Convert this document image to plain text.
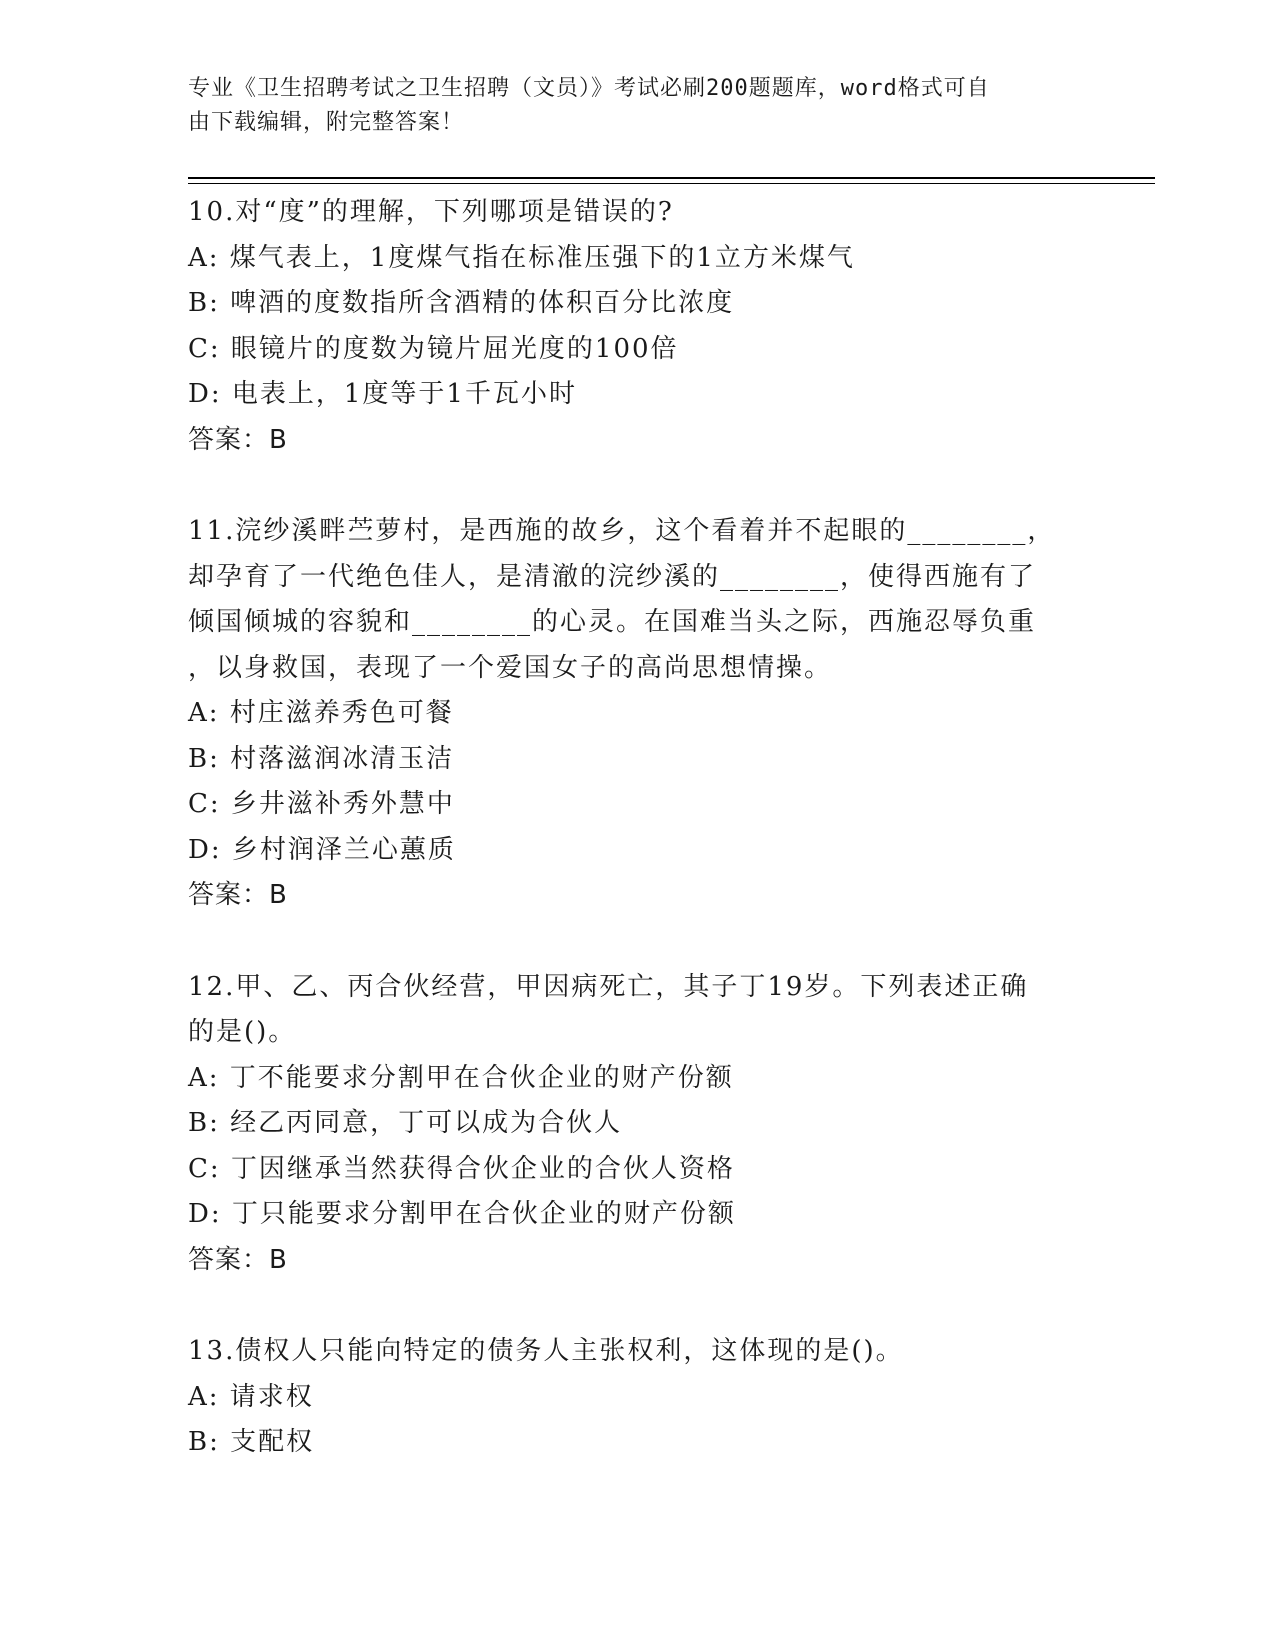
专业《卫生招聘考试之卫生招聘（文员）》考试必刷200题题库，word格式可自
由下载编辑，附完整答案！
10.对“度”的理解，下列哪项是错误的?
A: 煤气表上，1度煤气指在标准压强下的1立方米煤气
B: 啤酒的度数指所含酒精的体积百分比浓度
C: 眼镜片的度数为镜片屈光度的100倍
D: 电表上，1度等于1千瓦小时
答案：B
11.浣纱溪畔苎萝村，是西施的故乡，这个看着并不起眼的________，
却孕育了一代绝色佳人，是清澈的浣纱溪的________，使得西施有了
倾国倾城的容貌和________的心灵。在国难当头之际，西施忍辱负重
，以身救国，表现了一个爱国女子的高尚思想情操。
A: 村庄滋养秀色可餐
B: 村落滋润冰清玉洁
C: 乡井滋补秀外慧中
D: 乡村润泽兰心蕙质
答案：B
12.甲、乙、丙合伙经营，甲因病死亡，其子丁19岁。下列表述正确
的是()。
A: 丁不能要求分割甲在合伙企业的财产份额
B: 经乙丙同意，丁可以成为合伙人
C: 丁因继承当然获得合伙企业的合伙人资格
D: 丁只能要求分割甲在合伙企业的财产份额
答案：B
13.债权人只能向特定的债务人主张权利，这体现的是()。
A: 请求权
B: 支配权
